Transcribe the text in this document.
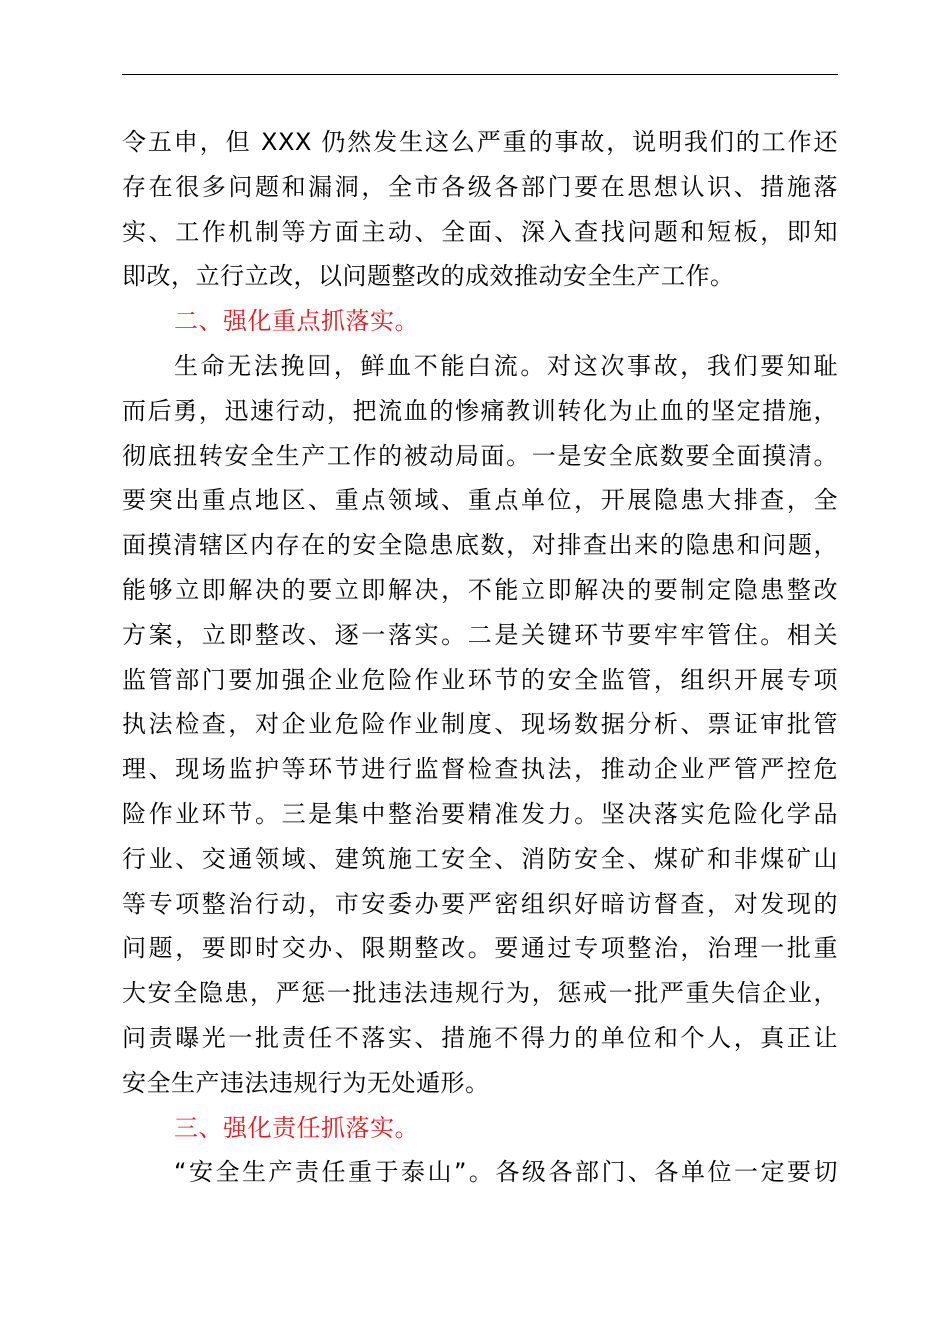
令五申，但 XXX 仍然发生这么严重的事故，说明我们的工作还
存在很多问题和漏洞，全市各级各部门要在思想认识、措施落
实、工作机制等方面主动、全面、深入查找问题和短板，即知
即改，立行立改，以问题整改的成效推动安全生产工作。
二、强化重点抓落实。
生命无法挽回，鲜血不能白流。对这次事故，我们要知耻
而后勇，迅速行动，把流血的惨痛教训转化为止血的坚定措施，
彻底扭转安全生产工作的被动局面。一是安全底数要全面摸清。
要突出重点地区、重点领域、重点单位，开展隐患大排查，全
面摸清辖区内存在的安全隐患底数，对排查出来的隐患和问题，
能够立即解决的要立即解决，不能立即解决的要制定隐患整改
方案，立即整改、逐一落实。二是关键环节要牢牢管住。相关
监管部门要加强企业危险作业环节的安全监管，组织开展专项
执法检查，对企业危险作业制度、现场数据分析、票证审批管
理、现场监护等环节进行监督检查执法，推动企业严管严控危
险作业环节。三是集中整治要精准发力。坚决落实危险化学品
行业、交通领域、建筑施工安全、消防安全、煤矿和非煤矿山
等专项整治行动，市安委办要严密组织好暗访督查，对发现的
问题，要即时交办、限期整改。要通过专项整治，治理一批重
大安全隐患，严惩一批违法违规行为，惩戒一批严重失信企业，
问责曝光一批责任不落实、措施不得力的单位和个人，真正让
安全生产违法违规行为无处遁形。
三、强化责任抓落实。
“安全生产责任重于泰山”。各级各部门、各单位一定要切
